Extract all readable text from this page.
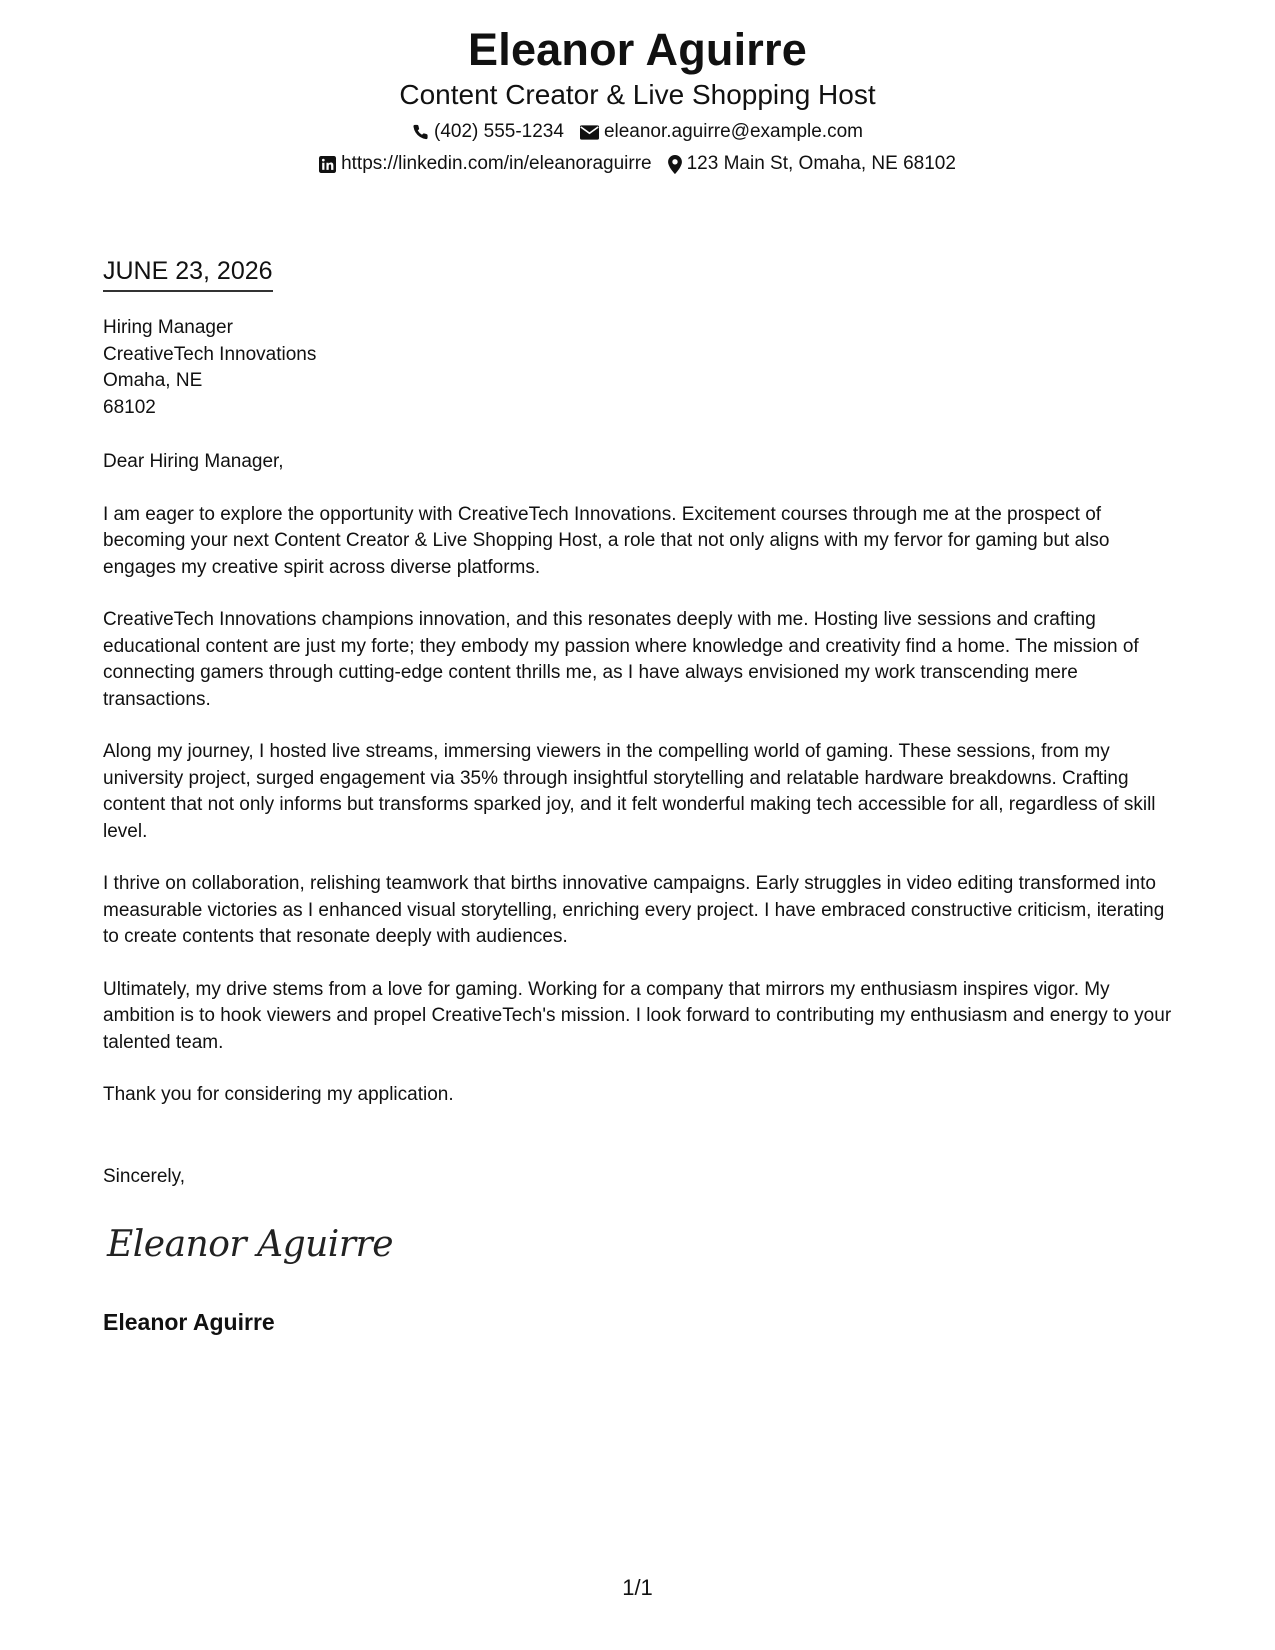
Eleanor Aguirre
Content Creator & Live Shopping Host
(402) 555-1234 eleanor.aguirre@example.com
https://linkedin.com/in/eleanoraguirre 123 Main St, Omaha, NE 68102
JUNE 23, 2026
Hiring Manager
CreativeTech Innovations
Omaha, NE
68102

Dear Hiring Manager,

I am eager to explore the opportunity with CreativeTech Innovations. Excitement courses through me at the prospect of becoming your next Content Creator & Live Shopping Host, a role that not only aligns with my fervor for gaming but also engages my creative spirit across diverse platforms.

CreativeTech Innovations champions innovation, and this resonates deeply with me. Hosting live sessions and crafting educational content are just my forte; they embody my passion where knowledge and creativity find a home. The mission of connecting gamers through cutting-edge content thrills me, as I have always envisioned my work transcending mere transactions.

Along my journey, I hosted live streams, immersing viewers in the compelling world of gaming. These sessions, from my university project, surged engagement via 35% through insightful storytelling and relatable hardware breakdowns. Crafting content that not only informs but transforms sparked joy, and it felt wonderful making tech accessible for all, regardless of skill level.

I thrive on collaboration, relishing teamwork that births innovative campaigns. Early struggles in video editing transformed into measurable victories as I enhanced visual storytelling, enriching every project. I have embraced constructive criticism, iterating to create contents that resonate deeply with audiences.

Ultimately, my drive stems from a love for gaming. Working for a company that mirrors my enthusiasm inspires vigor. My ambition is to hook viewers and propel CreativeTech's mission. I look forward to contributing my enthusiasm and energy to your talented team.

Thank you for considering my application.

Sincerely,
Eleanor Aguirre
Eleanor Aguirre
1/1
